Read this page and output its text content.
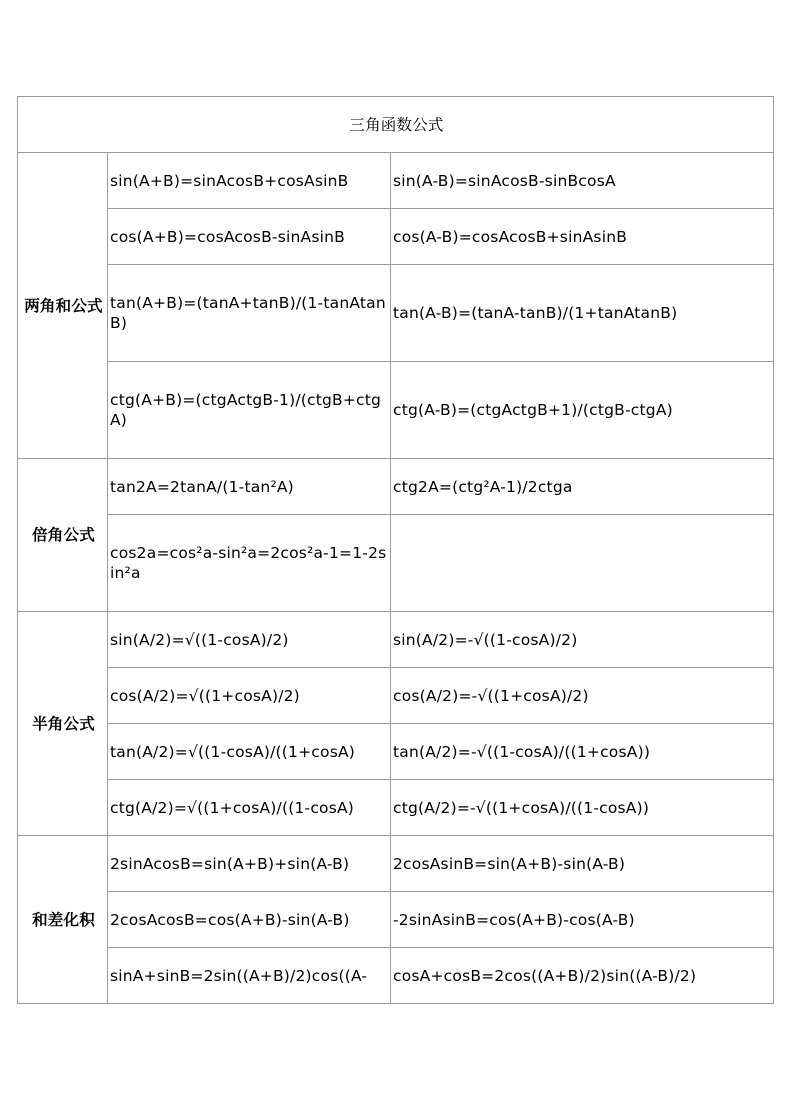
三角函数公式		
两角和公式	sin(A+B)=sinAcosB+cosAsinB	sin(A-B)=sinAcosB-sinBcosA
	cos(A+B)=cosAcosB-sinAsinB	cos(A-B)=cosAcosB+sinAsinB
	tan(A+B)=(tanA+tanB)/(1-tanAtanB)	tan(A-B)=(tanA-tanB)/(1+tanAtanB)
	ctg(A+B)=(ctgActgB-1)/(ctgB+ctgA)	ctg(A-B)=(ctgActgB+1)/(ctgB-ctgA)
倍角公式	tan2A=2tanA/(1-tan²A)	ctg2A=(ctg²A-1)/2ctga
	cos2a=cos²a-sin²a=2cos²a-1=1-2sin²a	
半角公式	sin(A/2)=√((1-cosA)/2)	sin(A/2)=-√((1-cosA)/2)
	cos(A/2)=√((1+cosA)/2)	cos(A/2)=-√((1+cosA)/2)
	tan(A/2)=√((1-cosA)/((1+cosA)	tan(A/2)=-√((1-cosA)/((1+cosA))
	ctg(A/2)=√((1+cosA)/((1-cosA)	ctg(A/2)=-√((1+cosA)/((1-cosA))
和差化积	2sinAcosB=sin(A+B)+sin(A-B)	2cosAsinB=sin(A+B)-sin(A-B)
	2cosAcosB=cos(A+B)-sin(A-B)	-2sinAsinB=cos(A+B)-cos(A-B)
	sinA+sinB=2sin((A+B)/2)cos((A-	cosA+cosB=2cos((A+B)/2)sin((A-B)/2)
